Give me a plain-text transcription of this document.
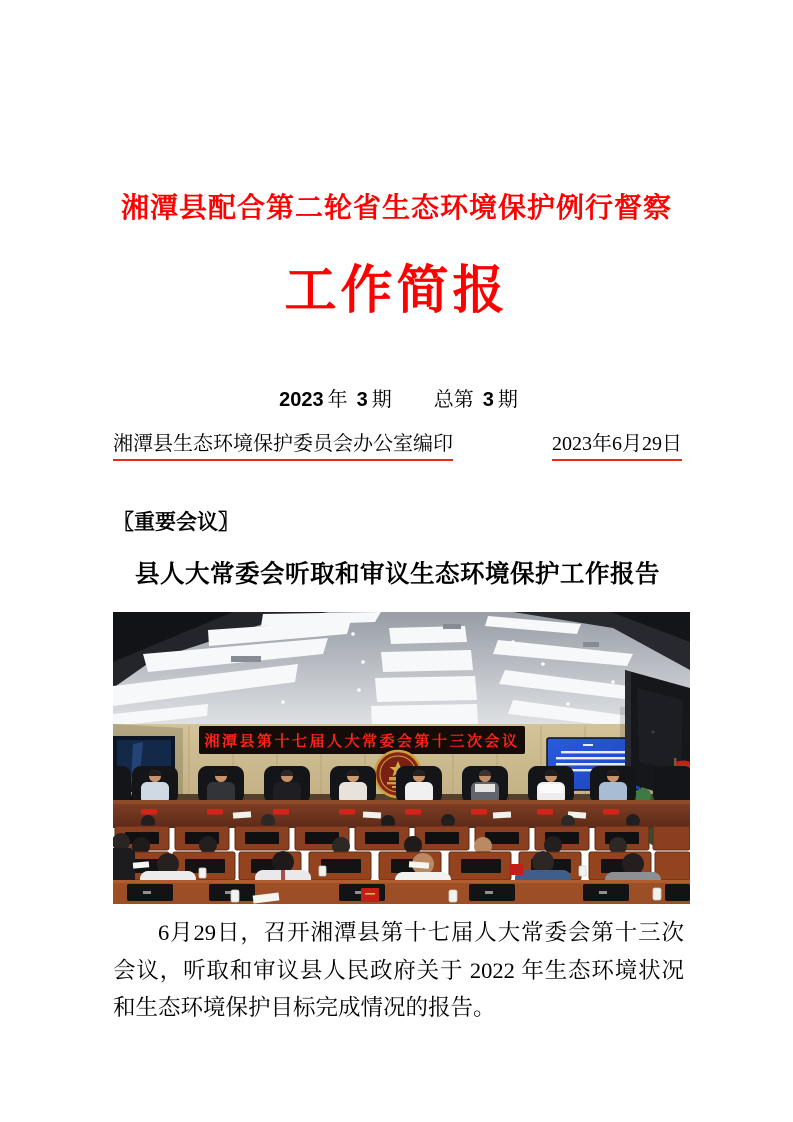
湘潭县配合第二轮省生态环境保护例行督察
工作简报
2023 年 3 期 总第 3 期
湘潭县生态环境保护委员会办公室编印	2023年6月29日
〖重要会议〗
县人大常委会听取和审议生态环境保护工作报告
湘潭县第十七届人大常委会第十三次会议
6月29日，召开湘潭县第十七届人大常委会第十三次会议，听取和审议县人民政府关于 2022 年生态环境状况和生态环境保护目标完成情况的报告。
